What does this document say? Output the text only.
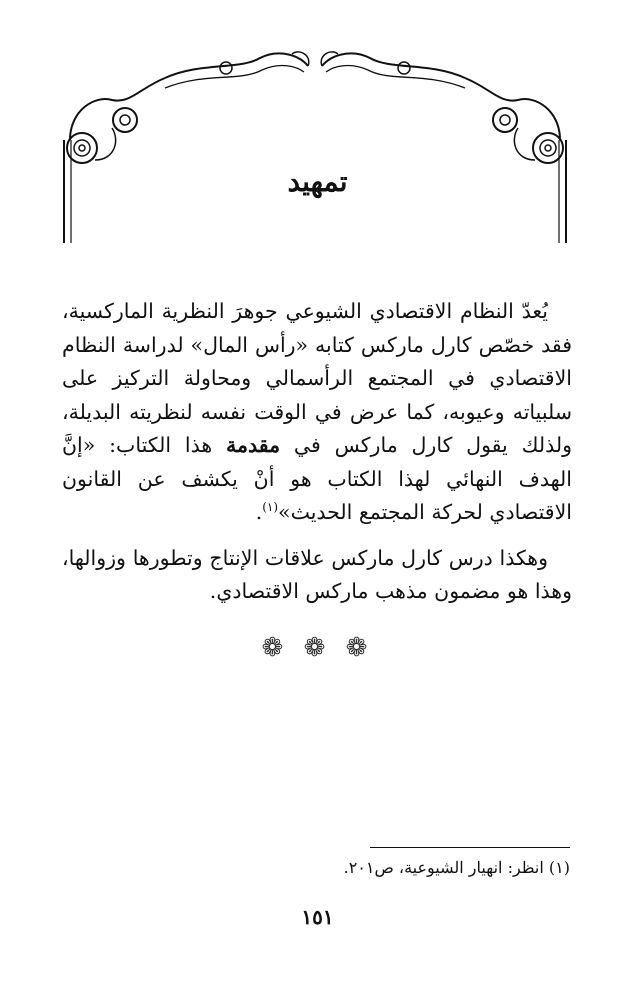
تمهيد

يُعدّ النظام الاقتصادي الشيوعي جوهرَ النظرية الماركسية، فقد خصّص كارل ماركس كتابه «رأس المال» لدراسة النظام الاقتصادي في المجتمع الرأسمالي ومحاولة التركيز على سلبياته وعيوبه، كما عرض في الوقت نفسه لنظريته البديلة، ولذلك يقول كارل ماركس في مقدمة هذا الكتاب: «إنَّ الهدف النهائي لهذا الكتاب هو أنْ يكشف عن القانون الاقتصادي لحركة المجتمع الحديث»$^{(١)}$.

وهكذا درس كارل ماركس علاقات الإنتاج وتطورها وزوالها، وهذا هو مضمون مذهب ماركس الاقتصادي.

❁ ❁ ❁
(١) انظر: انهيار الشيوعية، ص٢٠١.
١٥١
